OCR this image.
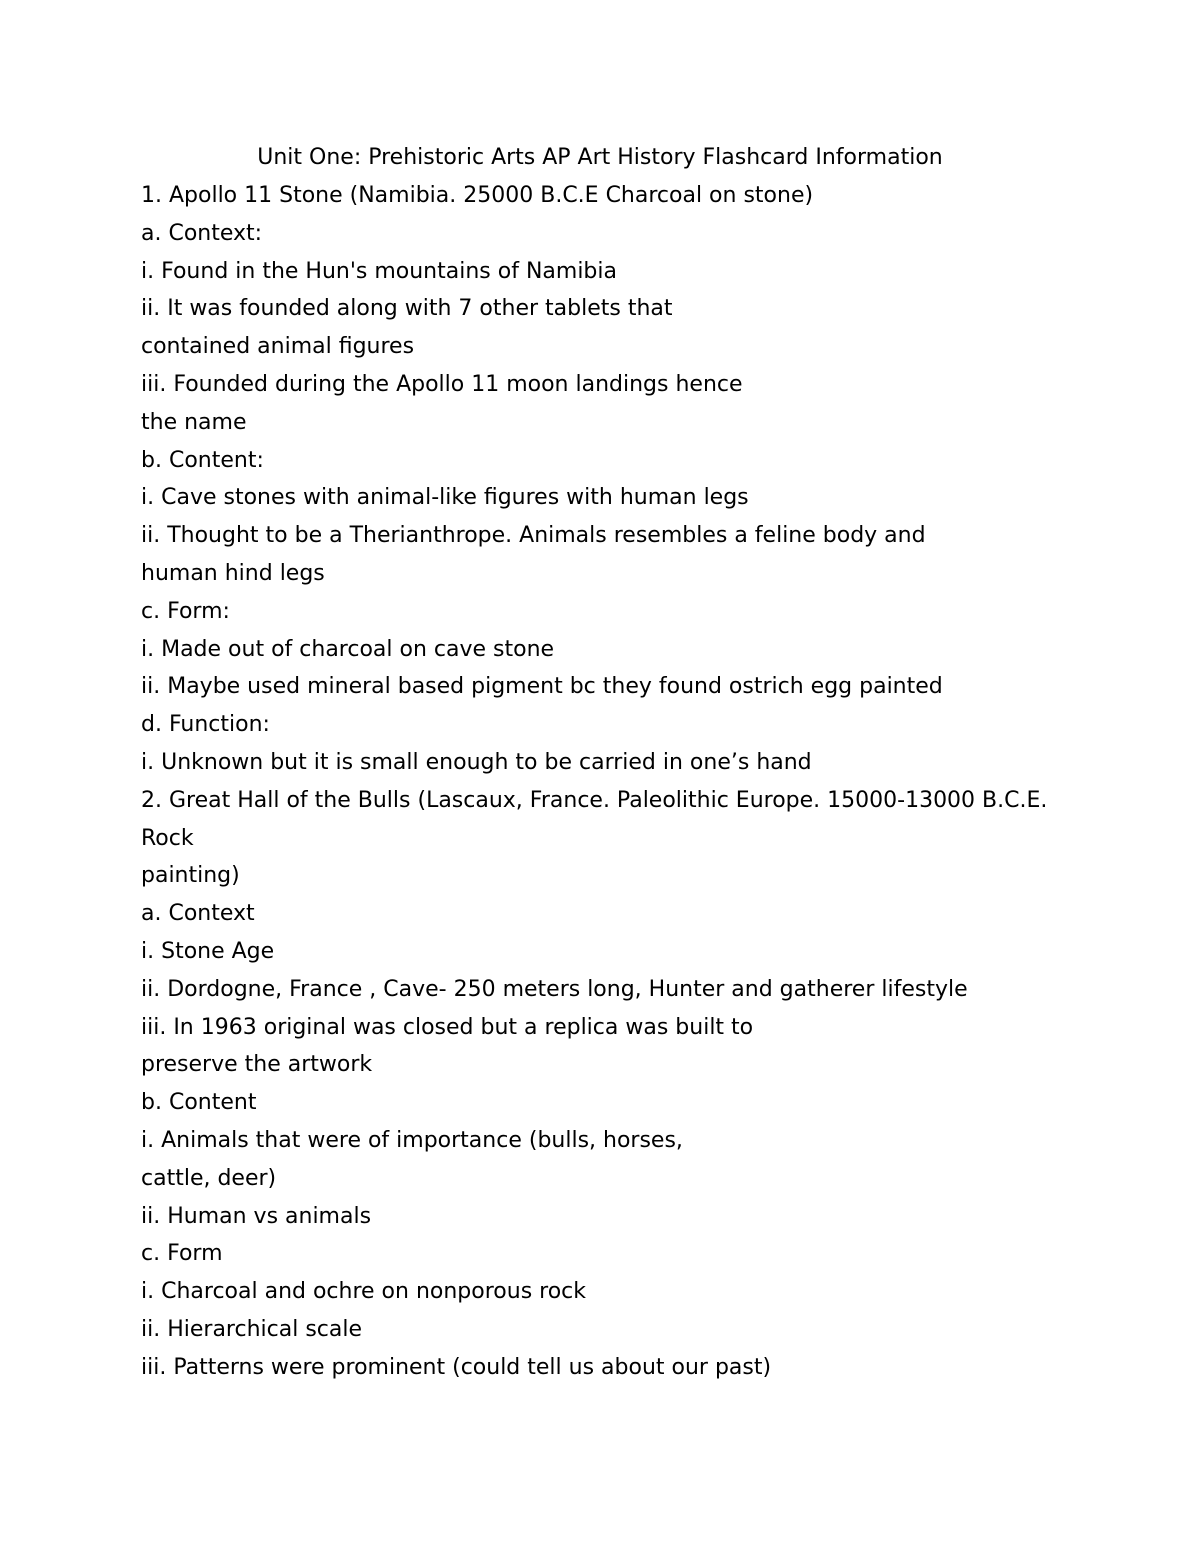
Unit One: Prehistoric Arts AP Art History Flashcard Information
1. Apollo 11 Stone (Namibia. 25000 B.C.E Charcoal on stone)
a. Context:
i. Found in the Hun's mountains of Namibia
ii. It was founded along with 7 other tablets that
contained animal figures
iii. Founded during the Apollo 11 moon landings hence
the name
b. Content:
i. Cave stones with animal-like figures with human legs
ii. Thought to be a Therianthrope. Animals resembles a feline body and
human hind legs
c. Form:
i. Made out of charcoal on cave stone
ii. Maybe used mineral based pigment bc they found ostrich egg painted
d. Function:
i. Unknown but it is small enough to be carried in one’s hand
2. Great Hall of the Bulls (Lascaux, France. Paleolithic Europe. 15000-13000 B.C.E.
Rock
painting)
a. Context
i. Stone Age
ii. Dordogne, France , Cave- 250 meters long, Hunter and gatherer lifestyle
iii. In 1963 original was closed but a replica was built to
preserve the artwork
b. Content
i. Animals that were of importance (bulls, horses,
cattle, deer)
ii. Human vs animals
c. Form
i. Charcoal and ochre on nonporous rock
ii. Hierarchical scale
iii. Patterns were prominent (could tell us about our past)
